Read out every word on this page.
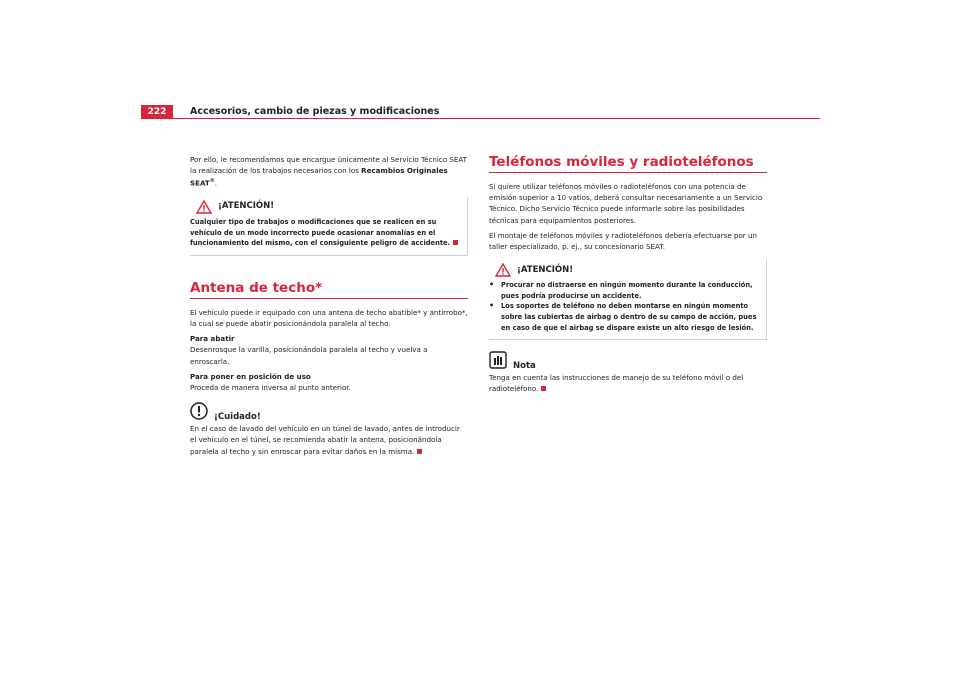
222	Accesorios, cambio de piezas y modificaciones

Por ello, le recomendamos que encargue únicamente al Servicio Técnico SEAT la realización de los trabajos necesarios con los Recambios Originales SEAT®.

¡ATENCIÓN!
Cualquier tipo de trabajos o modificaciones que se realicen en su vehículo de un modo incorrecto puede ocasionar anomalías en el funcionamiento del mismo, con el consiguiente peligro de accidente.
Antena de techo*

El vehículo puede ir equipado con una antena de techo abatible* y antirrobo*, la cual se puede abatir posicionándola paralela al techo.

Para abatir

Desenrosque la varilla, posicionándola paralela al techo y vuelva a enroscarla.

Para poner en posición de uso

Proceda de manera inversa al punto anterior.

¡Cuidado!

En el caso de lavado del vehículo en un túnel de lavado, antes de introducir el vehículo en el túnel, se recomienda abatir la antena, posicionándola paralela al techo y sin enroscar para evitar daños en la misma.

Teléfonos móviles y radioteléfonos

Si quiere utilizar teléfonos móviles o radioteléfonos con una potencia de emisión superior a 10 vatios, deberá consultar necesariamente a un Servicio Técnico. Dicho Servicio Técnico puede informarle sobre las posibilidades técnicas para equipamientos posteriores.

El montaje de teléfonos móviles y radioteléfonos debería efectuarse por un taller especializado, p. ej., su concesionario SEAT.

¡ATENCIÓN!
•	Procurar no distraerse en ningún momento durante la conducción, pues podría producirse un accidente.
•	Los soportes de teléfono no deben montarse en ningún momento sobre las cubiertas de airbag o dentro de su campo de acción, pues en caso de que el airbag se dispare existe un alto riesgo de lesión.
Nota

Tenga en cuenta las instrucciones de manejo de su teléfono móvil o del radioteléfono.
